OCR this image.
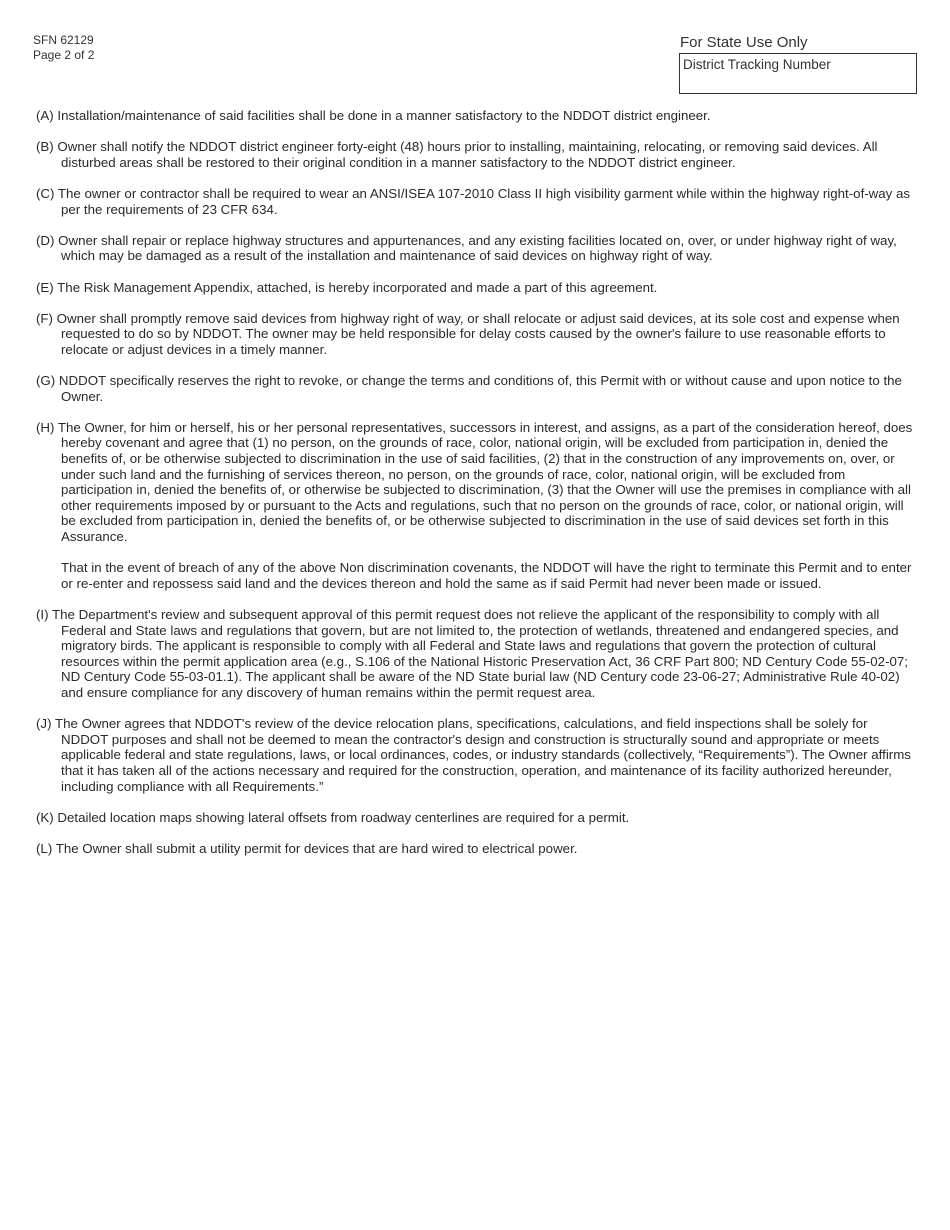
SFN 62129
Page 2 of 2
For State Use Only
District Tracking Number

(A) Installation/maintenance of said facilities shall be done in a manner satisfactory to the NDDOT district engineer.

(B) Owner shall notify the NDDOT district engineer forty-eight (48) hours prior to installing, maintaining, relocating, or removing said devices. All disturbed areas shall be restored to their original condition in a manner satisfactory to the NDDOT district engineer.

(C) The owner or contractor shall be required to wear an ANSI/ISEA 107-2010 Class II high visibility garment while within the highway right-of-way as per the requirements of 23 CFR 634.

(D) Owner shall repair or replace highway structures and appurtenances, and any existing facilities located on, over, or under highway right of way, which may be damaged as a result of the installation and maintenance of said devices on highway right of way.

(E) The Risk Management Appendix, attached, is hereby incorporated and made a part of this agreement.

(F) Owner shall promptly remove said devices from highway right of way, or shall relocate or adjust said devices, at its sole cost and expense when requested to do so by NDDOT. The owner may be held responsible for delay costs caused by the owner's failure to use reasonable efforts to relocate or adjust devices in a timely manner.

(G) NDDOT specifically reserves the right to revoke, or change the terms and conditions of, this Permit with or without cause and upon notice to the Owner.

(H) The Owner, for him or herself, his or her personal representatives, successors in interest, and assigns, as a part of the consideration hereof, does hereby covenant and agree that (1) no person, on the grounds of race, color, national origin, will be excluded from participation in, denied the benefits of, or be otherwise subjected to discrimination in the use of said facilities, (2) that in the construction of any improvements on, over, or under such land and the furnishing of services thereon, no person, on the grounds of race, color, national origin, will be excluded from participation in, denied the benefits of, or otherwise be subjected to discrimination, (3) that the Owner will use the premises in compliance with all other requirements imposed by or pursuant to the Acts and regulations, such that no person on the grounds of race, color, or national origin, will be excluded from participation in, denied the benefits of, or be otherwise subjected to discrimination in the use of said devices set forth in this Assurance.

That in the event of breach of any of the above Non discrimination covenants, the NDDOT will have the right to terminate this Permit and to enter or re-enter and repossess said land and the devices thereon and hold the same as if said Permit had never been made or issued.

(I) The Department's review and subsequent approval of this permit request does not relieve the applicant of the responsibility to comply with all Federal and State laws and regulations that govern, but are not limited to, the protection of wetlands, threatened and endangered species, and migratory birds. The applicant is responsible to comply with all Federal and State laws and regulations that govern the protection of cultural resources within the permit application area (e.g., S.106 of the National Historic Preservation Act, 36 CRF Part 800; ND Century Code 55-02-07; ND Century Code 55-03-01.1). The applicant shall be aware of the ND State burial law (ND Century code 23-06-27; Administrative Rule 40-02) and ensure compliance for any discovery of human remains within the permit request area.

(J) The Owner agrees that NDDOT's review of the device relocation plans, specifications, calculations, and field inspections shall be solely for NDDOT purposes and shall not be deemed to mean the contractor's design and construction is structurally sound and appropriate or meets applicable federal and state regulations, laws, or local ordinances, codes, or industry standards (collectively, “Requirements”). The Owner affirms that it has taken all of the actions necessary and required for the construction, operation, and maintenance of its facility authorized hereunder, including compliance with all Requirements.”

(K) Detailed location maps showing lateral offsets from roadway centerlines are required for a permit.

(L) The Owner shall submit a utility permit for devices that are hard wired to electrical power.
